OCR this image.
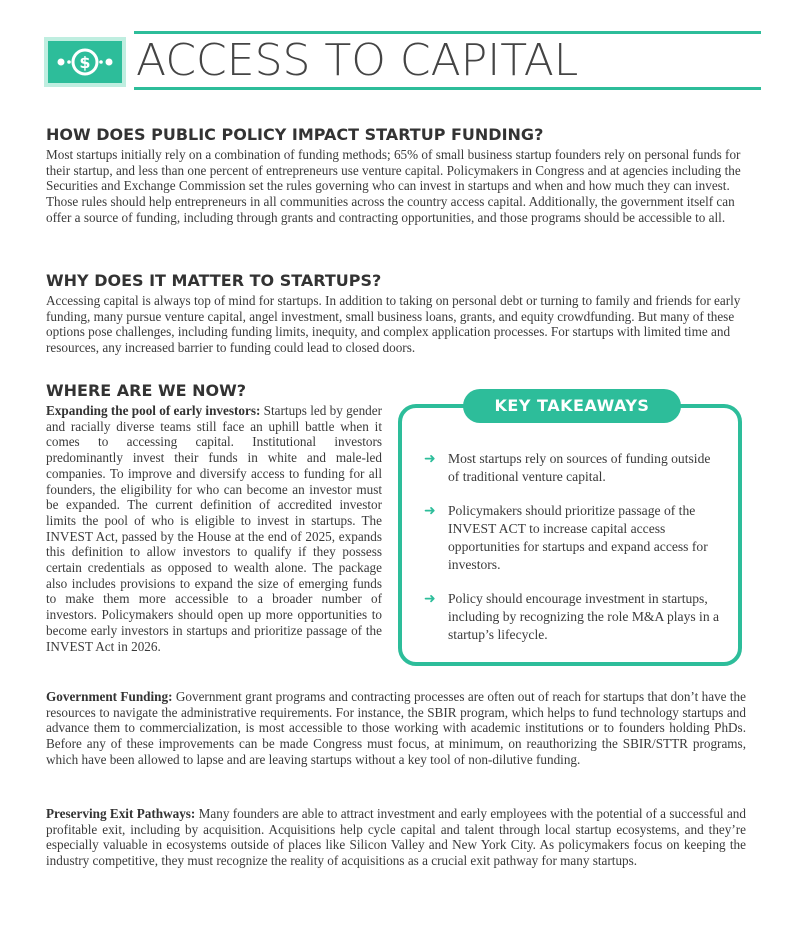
$ ACCESS TO CAPITAL
HOW DOES PUBLIC POLICY IMPACT STARTUP FUNDING?

Most startups initially rely on a combination of funding methods; 65% of small business startup founders rely on personal funds for their startup, and less than one percent of entrepreneurs use venture capital. Policymakers in Congress and at agencies including the Securities and Exchange Commission set the rules governing who can invest in startups and when and how much they can invest. Those rules should help entrepreneurs in all communities across the country access capital. Additionally, the government itself can offer a source of funding, including through grants and contracting opportunities, and those programs should be accessible to all.

WHY DOES IT MATTER TO STARTUPS?

Accessing capital is always top of mind for startups. In addition to taking on personal debt or turning to family and friends for early funding, many pursue venture capital, angel investment, small business loans, grants, and equity crowdfunding. But many of these options pose challenges, including funding limits, inequity, and complex application processes. For startups with limited time and resources, any increased barrier to funding could lead to closed doors.

WHERE ARE WE NOW?

Expanding the pool of early investors: Startups led by gender and racially diverse teams still face an uphill battle when it comes to accessing capital. Institutional investors predominantly invest their funds in white and male-led companies. To improve and diversify access to funding for all founders, the eligibility for who can become an investor must be expanded. The current definition of accredited investor limits the pool of who is eligible to invest in startups. The INVEST Act, passed by the House at the end of 2025, expands this definition to allow investors to qualify if they possess certain credentials as opposed to wealth alone. The package also includes provisions to expand the size of emerging funds to make them more accessible to a broader number of investors. Policymakers should open up more opportunities to become early investors in startups and prioritize passage of the INVEST Act in 2026.

KEY TAKEAWAYS
➜ Most startups rely on sources of funding outside of traditional venture capital.
➜ Policymakers should prioritize passage of the INVEST ACT to increase capital access opportunities for startups and expand access for investors.
➜ Policy should encourage investment in startups, including by recognizing the role M&A plays in a startup’s lifecycle.

Government Funding: Government grant programs and contracting processes are often out of reach for startups that don’t have the resources to navigate the administrative requirements. For instance, the SBIR program, which helps to fund technology startups and advance them to commercialization, is most accessible to those working with academic institutions or to founders holding PhDs. Before any of these improvements can be made Congress must focus, at minimum, on reauthorizing the SBIR/STTR programs, which have been allowed to lapse and are leaving startups without a key tool of non-dilutive funding.

Preserving Exit Pathways: Many founders are able to attract investment and early employees with the potential of a successful and profitable exit, including by acquisition. Acquisitions help cycle capital and talent through local startup ecosystems, and they’re especially valuable in ecosystems outside of places like Silicon Valley and New York City. As policymakers focus on keeping the industry competitive, they must recognize the reality of acquisitions as a crucial exit pathway for many startups.
